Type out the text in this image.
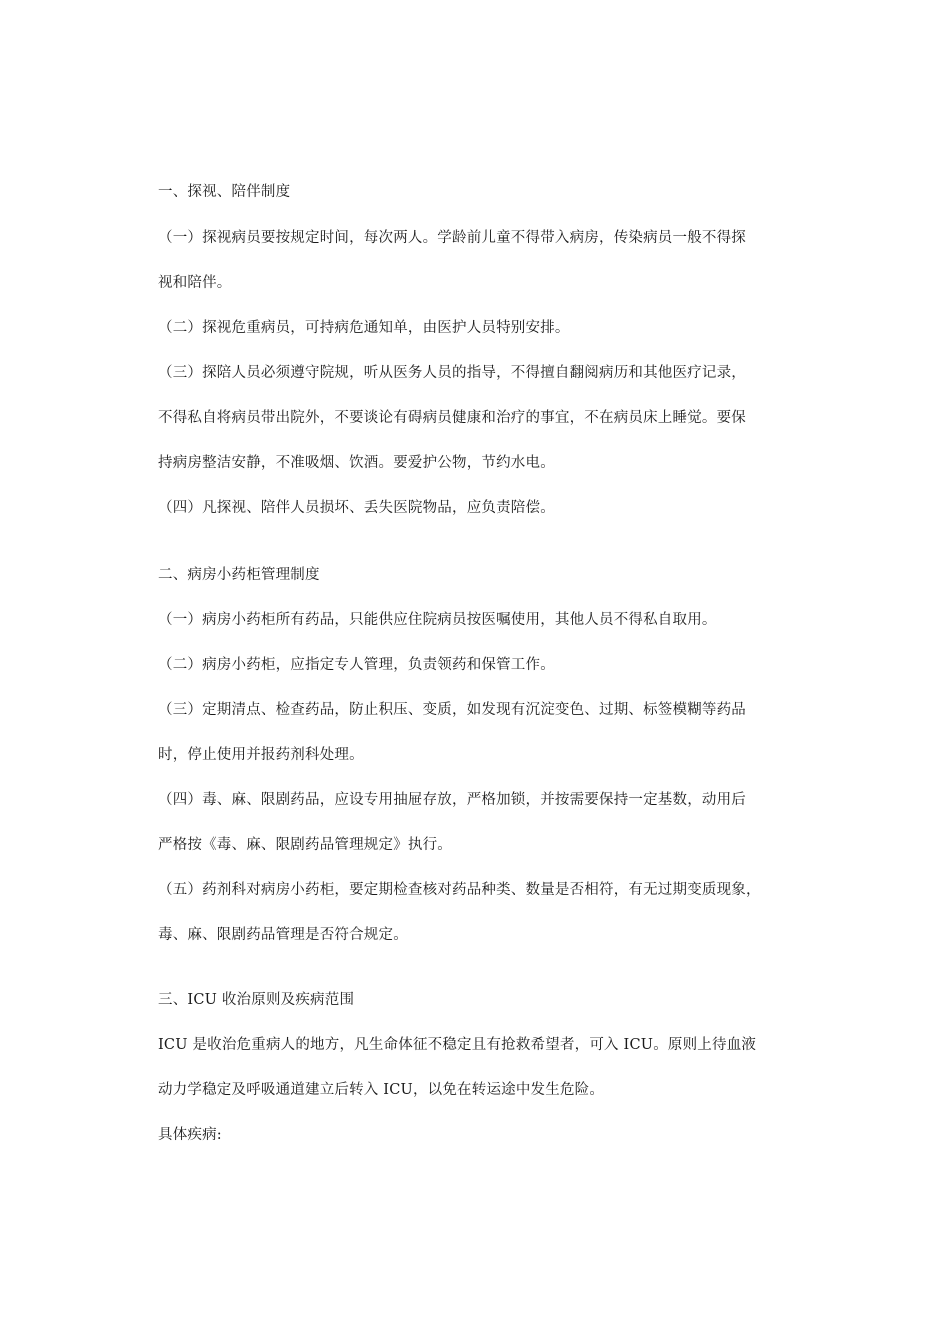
一、探视、陪伴制度
（一）探视病员要按规定时间，每次两人。学龄前儿童不得带入病房，传染病员一般不得探
视和陪伴。
（二）探视危重病员，可持病危通知单，由医护人员特别安排。
（三）探陪人员必须遵守院规，听从医务人员的指导，不得擅自翻阅病历和其他医疗记录，
不得私自将病员带出院外，不要谈论有碍病员健康和治疗的事宜，不在病员床上睡觉。要保
持病房整洁安静，不准吸烟、饮酒。要爱护公物，节约水电。
（四）凡探视、陪伴人员损坏、丢失医院物品，应负责陪偿。
二、病房小药柜管理制度
（一）病房小药柜所有药品，只能供应住院病员按医嘱使用，其他人员不得私自取用。
（二）病房小药柜，应指定专人管理，负责领药和保管工作。
（三）定期清点、检查药品，防止积压、变质，如发现有沉淀变色、过期、标签模糊等药品
时，停止使用并报药剂科处理。
（四）毒、麻、限剧药品，应设专用抽屉存放，严格加锁，并按需要保持一定基数，动用后
严格按《毒、麻、限剧药品管理规定》执行。
（五）药剂科对病房小药柜，要定期检查核对药品种类、数量是否相符，有无过期变质现象，
毒、麻、限剧药品管理是否符合规定。
三、ICU 收治原则及疾病范围
ICU 是收治危重病人的地方，凡生命体征不稳定且有抢救希望者，可入 ICU。原则上待血液
动力学稳定及呼吸通道建立后转入 ICU，以免在转运途中发生危险。
具体疾病:
